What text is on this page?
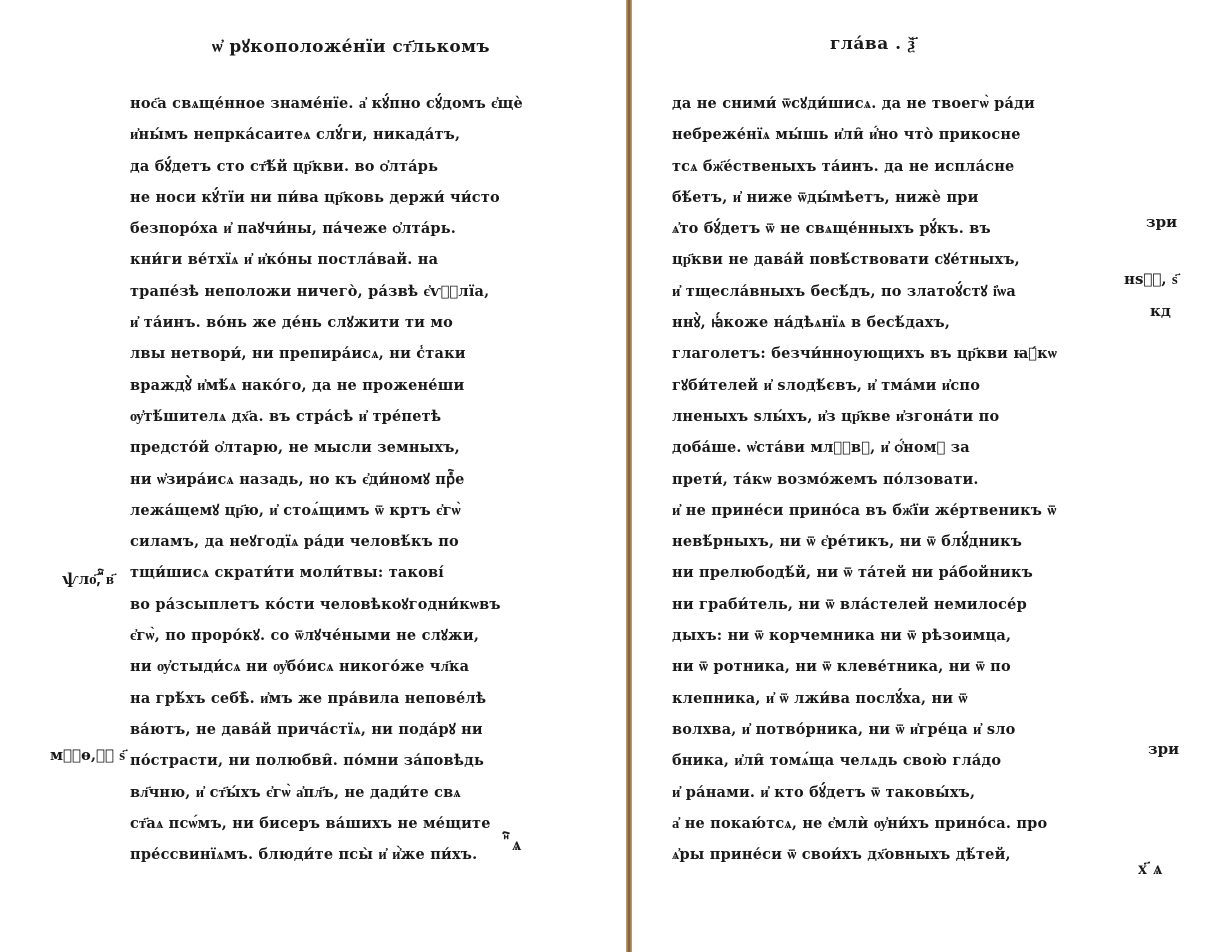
ѡ҆ рꙋкоположе́нїи ст҃лькомъ
нос҃а свѧще́нное знаме́нїе. а҆ кꙋ́пно сꙋ́домъ є҆щѐ
и҆ны́мъ непрка́саитеѧ слꙋ́ги, никада́тъ,
да бꙋ́детъ сто ст҃ѣ́й цр҃кви. во ѻ҆лта́рь
не носи кꙋ́тїи ни пи́ва цр҃ковь держи́ чи́сто
безпоро́ха и҆ паꙋчи́ны, па́чеже ѻ҆лта́рь.
кни́ги ве́тхїѧ и҆ и҆ко́ны постла́вай. на
трапе́зѣ неположи ничего̀, ра́звѣ є҆ѵⷢ҇лїа,
и҆ та́инъ. во́нь же де́нь слꙋжити ти мо
лвы нетвори́, ни препира́исѧ, ни с̾таки
враждꙋ̀ и҆мѣ́ѧ нако́го, да не прожене́ши
ѹ҆тѣ́шителѧ дх҃а. въ стра́сѣ и҆ тре́петѣ
предсто́й ѻ҆лтарю, не мысли земныхъ,
ни ѡ҆зира́исѧ назадь, но къ є҆ди́номꙋ прⷷ҇е
лежа́щемꙋ цр҃ю, и҆ стоѧ́щимъ ѿ кртъ є҆гѡ̀
силамъ, да неꙋгодїѧ ра́ди человѣ́къ по
тщи́шисѧ скрати́ти моли́твы: такові́
во ра́зсыплетъ ко́сти человѣкоꙋгодни́кѡвъ
є҆гѡ̀, по проро́кꙋ. со ѿлꙋче́ными не слꙋжи,
ни ѹ҆стыди́сѧ ни ѹ҆бо́исѧ никого́же чл҃ка
на грѣ́хъ себѣ̀. и҆мъ же пра́вила непове́лѣ
ва́ютъ, не дава́й прича́стїѧ, ни пода́рꙋ ни
по́страсти, ни полюбви̑. по́мни за́повѣдь
вл҃чню, и҆ ст҃ы́хъ є҆гѡ̀ а҆пл҃ъ, не дади́те свѧ
ст҃аѧ псѡ́мъ, ни бисеръ ва́шихъ не ме́щите
пре́ссвинїѧмъ. блюди́те псы̀ и҆ и҆̀же пи́хъ.
ѱло҃,ⷨ҇ в҃
мⷴ҇ѳ,ⷽ҇ ѕ҃
ⷩ҇ ѧ
гла́ва . ѯ҃
да не сними́ ѿсꙋди́шисѧ. да не твоегѡ̀ ра́ди
небреже́нїѧ мы́шь и҆ли̑ и҆́но что̀ прикосне
тсѧ бж҃е́ственыхъ та́инъ. да не испла́сне
бѣ́етъ, и҆ ниже ѿды́мѣетъ, нижѐ при
ѧ҆то бꙋ́детъ ѿ не свѧще́нныхъ рꙋ́къ. въ
цр҃кви не дава́й повѣ́ствовати сꙋе́тныхъ,
и҆ тщесла́вныхъ бесѣ́дъ, по златоꙋ́стꙋ і҆ѡа
ннꙋ̀, ꙗ҆́коже на́дѣѧнїѧ в бесѣ́дахъ,
глаголетъ: безчи́нноующихъ въ цр҃кви ꙗ҆́кѡ
гꙋби́телей и҆ ѕлодѣ́євъ, и҆ тма́ми и҆спо
лненыхъ ѕлы́хъ, и҆з цр҃кве и҆згона́ти по
доба́ше. ѡ҆ста́ви млⷮ҇вꙋ, и҆ ѻ҆́номꙋ за
прети́, та́кѡ возмо́жемъ по́лзовати.
и҆ не прине́си прино́са въ бж҃їи же́ртвеникъ ѿ
невѣ́рныхъ, ни ѿ є҆ре́тикъ, ни ѿ блꙋ́дникъ
ни прелюбодѣ́й, ни ѿ та́тей ни ра́бойникъ
ни граби́тель, ни ѿ вла́стелей немилосе́р
дыхъ: ни ѿ корчемника ни ѿ рѣзоимца,
ни ѿ ротника, ни ѿ клеве́тника, ни ѿ по
клепника, и҆ ѿ лжи́ва послꙋ́ха, ни ѿ
волхва, и҆ потво́рника, ни ѿ и҆гре́ца и҆ ѕло
бника, и҆ли̑ томѧ́ща челѧдь свою̀ гла́до
и҆ ра́нами. и҆ кто бꙋ́детъ ѿ таковы́хъ,
а҆ не покаю́тсѧ, не є҆млѝ ѹ҆ни́хъ прино́са. про
ѧ҆ры прине́си ѿ свои́хъ дх҃овныхъ дѣ́тей,
зри
нѕⷶ҇, ѕ҃
кд
зри
х҃ ѧ
